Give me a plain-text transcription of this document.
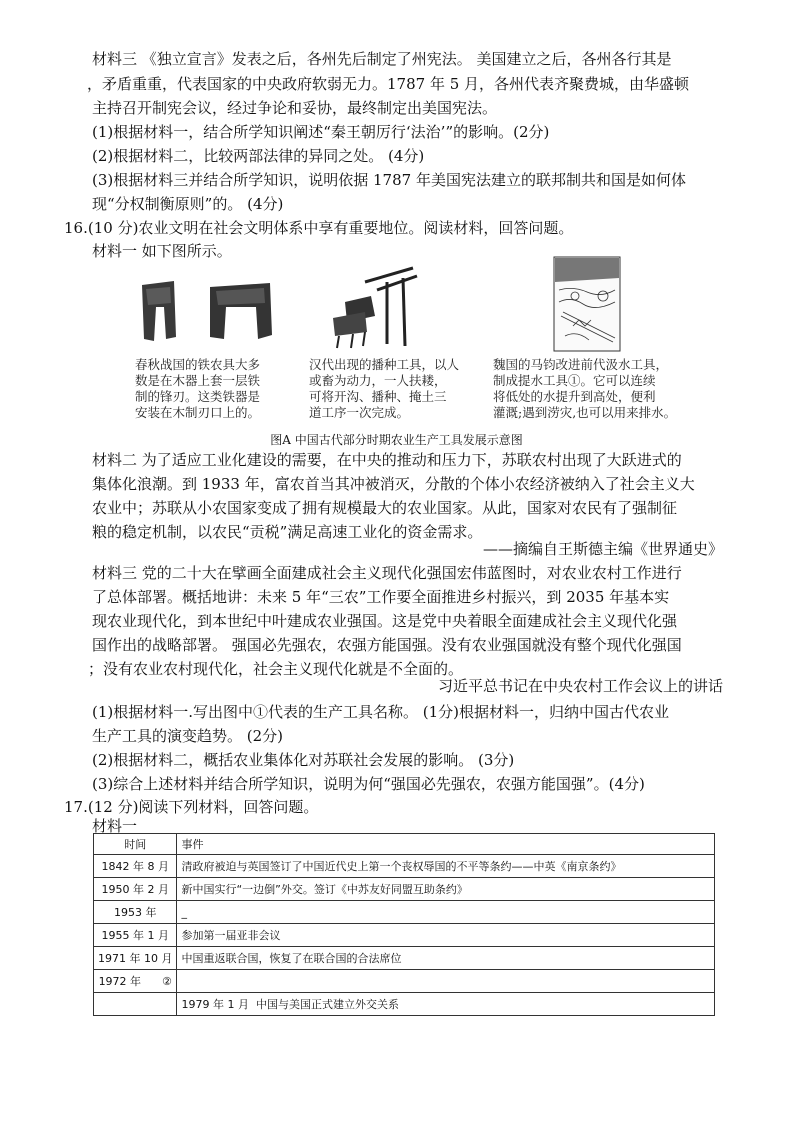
材料三 《独立宣言》发表之后，各州先后制定了州宪法。 美国建立之后，各州各行其是
，矛盾重重，代表国家的中央政府软弱无力。1787 年 5 月，各州代表齐聚费城，由华盛顿
主持召开制宪会议，经过争论和妥协，最终制定出美国宪法。
(1)根据材料一，结合所学知识阐述“秦王朝厉行‘法治’”的影响。(2分)
(2)根据材料二，比较两部法律的异同之处。 (4分)
(3)根据材料三并结合所学知识，说明依据 1787 年美国宪法建立的联邦制共和国是如何体
现“分权制衡原则”的。 (4分)
16.(10 分)农业文明在社会文明体系中享有重要地位。阅读材料，回答问题。
材料一 如下图所示。
春秋战国的铁农具大多
数是在木器上套一层铁
制的锋刃。这类铁器是
安装在木制刃口上的。
汉代出现的播种工具，以人
或畜为动力，一人扶耧，
可将开沟、播种、掩土三
道工序一次完成。
魏国的马钧改进前代汲水工具，
制成提水工具①。它可以连续
将低处的水提升到高处，便利
灌溉;遇到涝灾,也可以用来排水。
图A 中国古代部分时期农业生产工具发展示意图
材料二 为了适应工业化建设的需要，在中央的推动和压力下，苏联农村出现了大跃进式的
集体化浪潮。到 1933 年，富农首当其冲被消灭，分散的个体小农经济被纳入了社会主义大
农业中；苏联从小农国家变成了拥有规模最大的农业国家。从此，国家对农民有了强制征
粮的稳定机制，以农民“贡税”满足高速工业化的资金需求。
——摘编自王斯德主编《世界通史》
材料三 党的二十大在擘画全面建成社会主义现代化强国宏伟蓝图时，对农业农村工作进行
了总体部署。概括地讲：未来 5 年“三农”工作要全面推进乡村振兴，到 2035 年基本实
现农业现代化，到本世纪中叶建成农业强国。这是党中央着眼全面建成社会主义现代化强
国作出的战略部署。 强国必先强农，农强方能国强。没有农业强国就没有整个现代化强国
；没有农业农村现代化，社会主义现代化就是不全面的。
习近平总书记在中央农村工作会议上的讲话
(1)根据材料一.写出图中①代表的生产工具名称。 (1分)根据材料一，归纳中国古代农业
生产工具的演变趋势。 (2分)
(2)根据材料二，概括农业集体化对苏联社会发展的影响。 (3分)
(3)综合上述材料并结合所学知识，说明为何“强国必先强农，农强方能国强”。(4分)
17.(12 分)阅读下列材料，回答问题。
材料一
时间	事件
1842 年 8 月	清政府被迫与英国签订了中国近代史上第一个丧权辱国的不平等条约——中英《南京条约》
1950 年 2 月	新中国实行“一边倒”外交。签订《中苏友好同盟互助条约》
1953 年	_
1955 年 1 月	参加第一届亚非会议
1971 年 10 月	中国重返联合国，恢复了在联合国的合法席位
1972 年      ②	
	1979 年 1 月  中国与美国正式建立外交关系
